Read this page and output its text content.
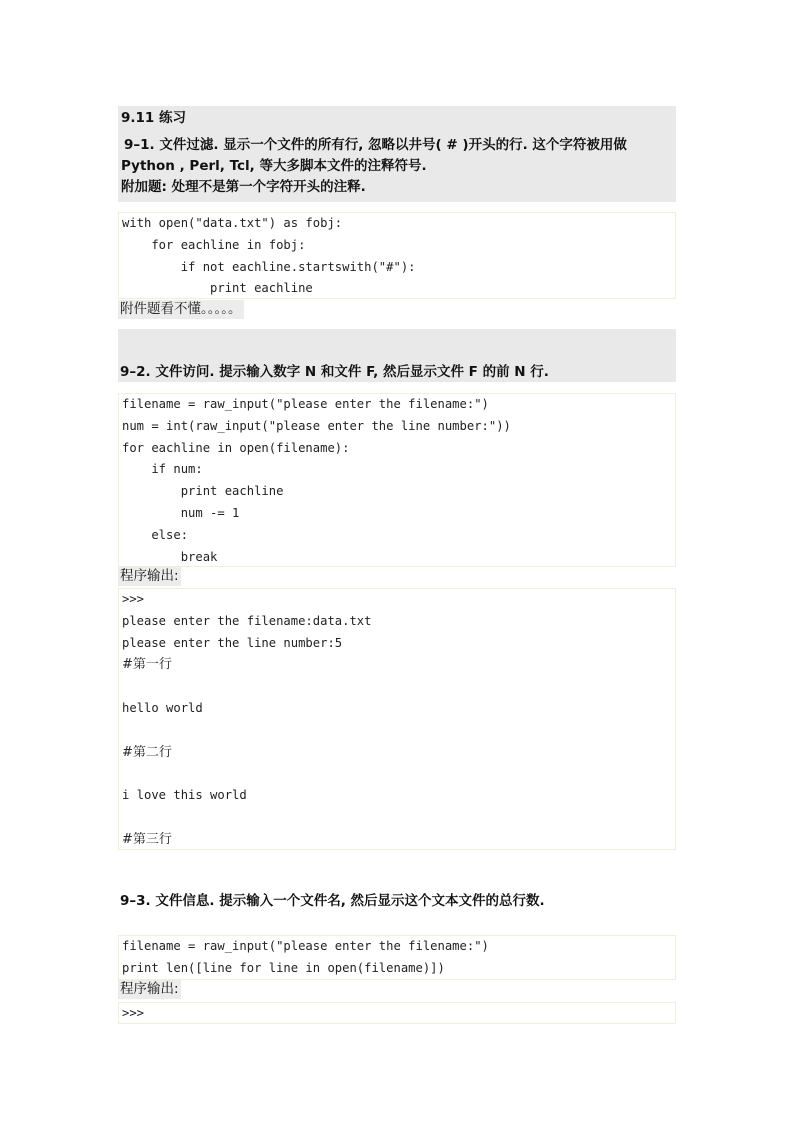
9.11 练习
9–1. 文件过滤. 显示一个文件的所有行, 忽略以井号( # )开头的行. 这个字符被用做
Python , Perl, Tcl, 等大多脚本文件的注释符号.
附加题: 处理不是第一个字符开头的注释.
with open("data.txt") as fobj:
for eachline in fobj:
if not eachline.startswith("#"):
print eachline
附件题看不懂。。。。。
9–2. 文件访问. 提示输入数字 N 和文件 F, 然后显示文件 F 的前 N 行.
filename = raw_input("please enter the filename:")
num = int(raw_input("please enter the line number:"))
for eachline in open(filename):
if num:
print eachline
num -= 1
else:
break
程序输出:
>>>
please enter the filename:data.txt
please enter the line number:5
#第一行
hello world
#第二行
i love this world
#第三行
9–3. 文件信息. 提示输入一个文件名, 然后显示这个文本文件的总行数.
filename = raw_input("please enter the filename:")
print len([line for line in open(filename)])
程序输出:
>>>
